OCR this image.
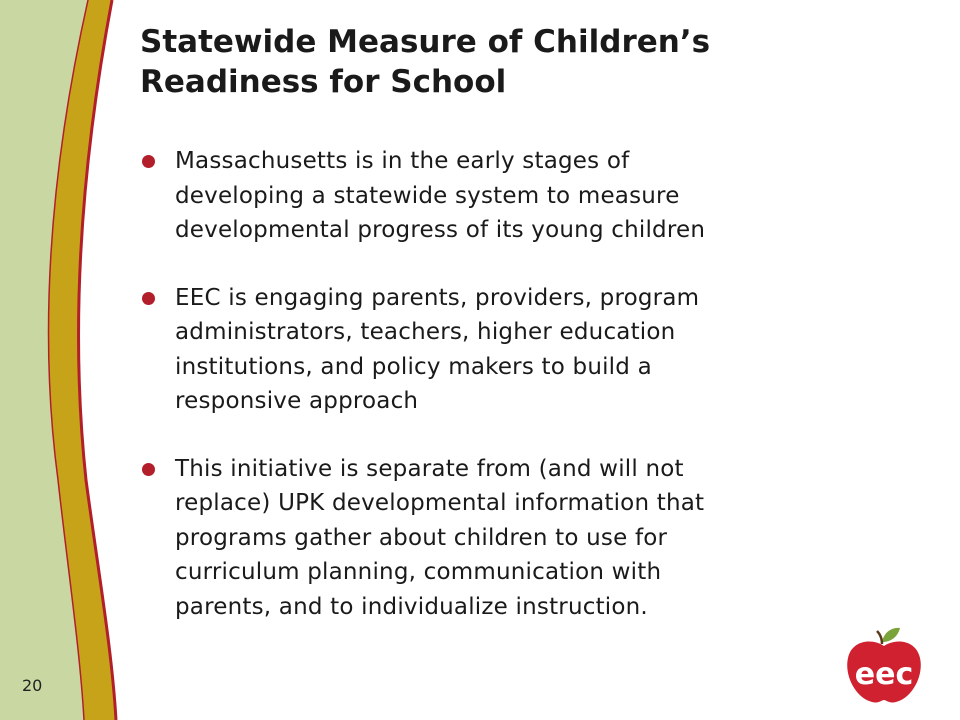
Statewide Measure of Children’s
Readiness for School
Massachusetts is in the early stages of
developing a statewide system to measure
developmental progress of its young children
EEC is engaging parents, providers, program
administrators, teachers, higher education
institutions, and policy makers to build a
responsive approach
This initiative is separate from (and will not
replace) UPK developmental information that
programs gather about children to use for
curriculum planning, communication with
parents, and to individualize instruction.
20	eec
